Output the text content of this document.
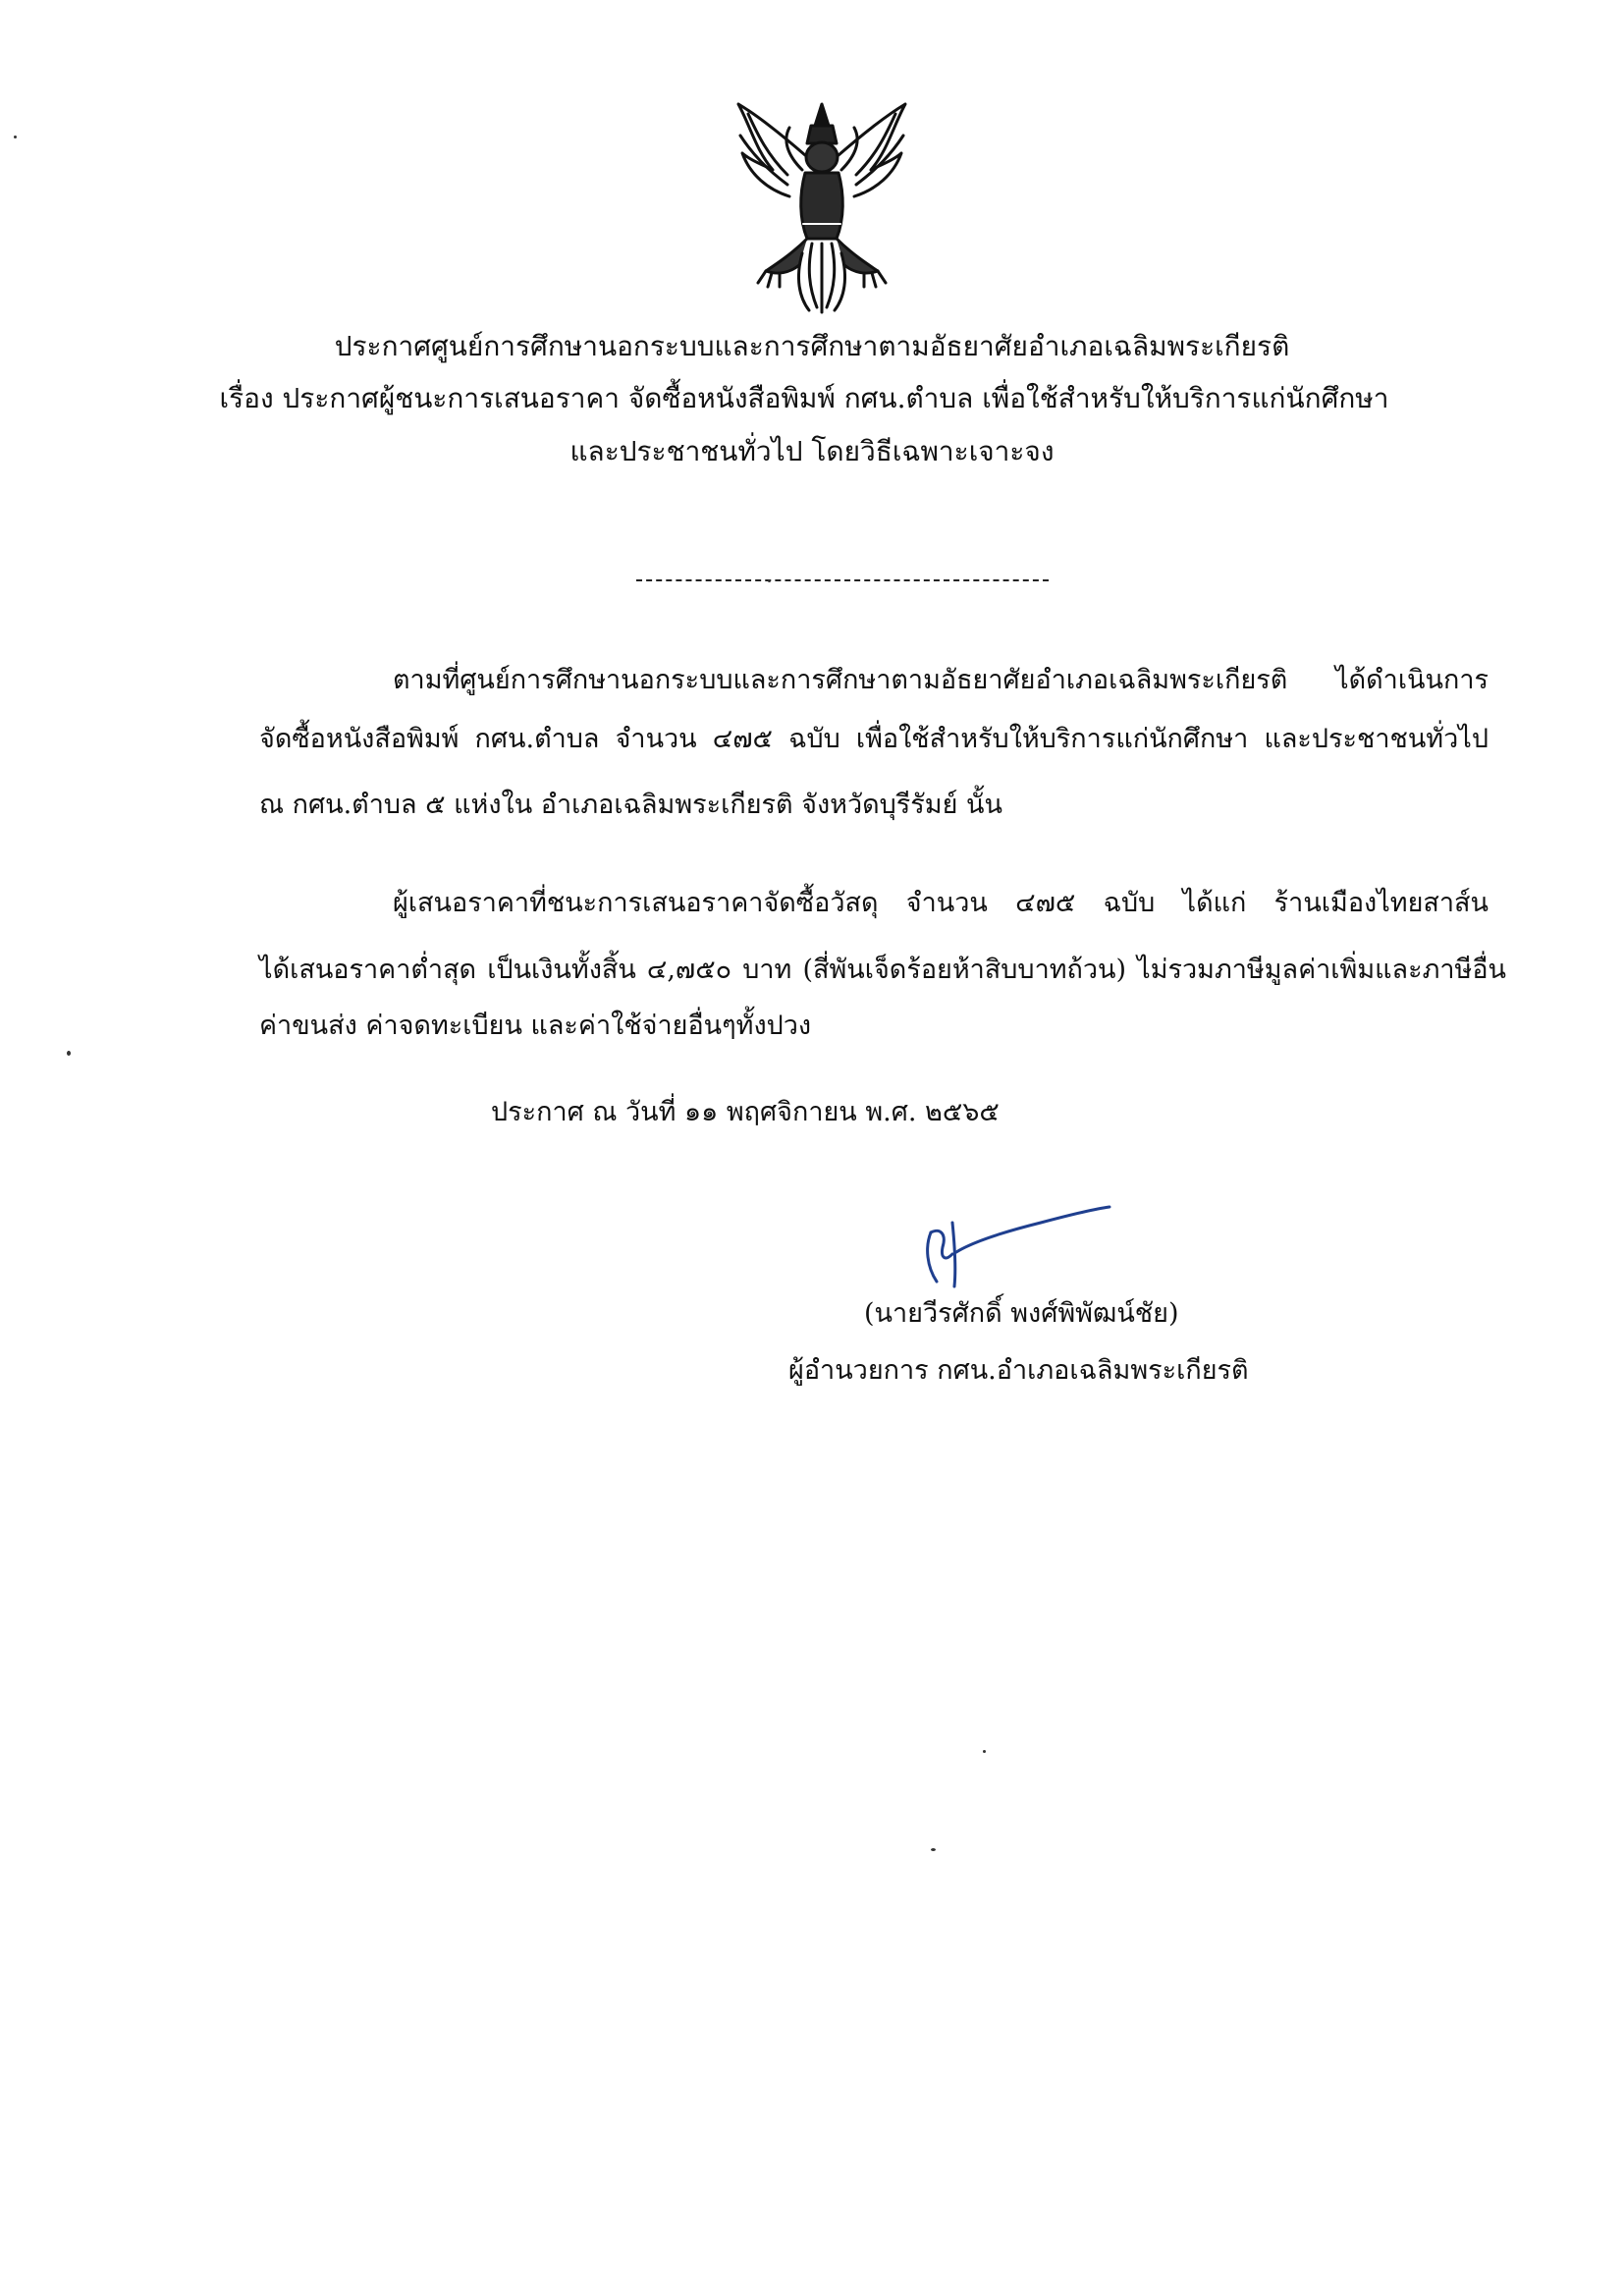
ประกาศศูนย์การศึกษานอกระบบและการศึกษาตามอัธยาศัยอำเภอเฉลิมพระเกียรติ
เรื่อง ประกาศผู้ชนะการเสนอราคา จัดซื้อหนังสือพิมพ์ กศน.ตำบล เพื่อใช้สำหรับให้บริการแก่นักศึกษา
และประชาชนทั่วไป โดยวิธีเฉพาะเจาะจง
ตามที่ศูนย์การศึกษานอกระบบและการศึกษาตามอัธยาศัยอำเภอเฉลิมพระเกียรติ ได้ดำเนินการ
จัดซื้อหนังสือพิมพ์ กศน.ตำบล จำนวน ๔๗๕ ฉบับ เพื่อใช้สำหรับให้บริการแก่นักศึกษา และประชาชนทั่วไป
ณ กศน.ตำบล ๕ แห่งใน อำเภอเฉลิมพระเกียรติ จังหวัดบุรีรัมย์ นั้น
ผู้เสนอราคาที่ชนะการเสนอราคาจัดซื้อวัสดุ จำนวน ๔๗๕ ฉบับ ได้แก่ ร้านเมืองไทยสาส์น
ได้เสนอราคาต่ำสุด เป็นเงินทั้งสิ้น ๔,๗๕๐ บาท (สี่พันเจ็ดร้อยห้าสิบบาทถ้วน) ไม่รวมภาษีมูลค่าเพิ่มและภาษีอื่น
ค่าขนส่ง ค่าจดทะเบียน และค่าใช้จ่ายอื่นๆทั้งปวง
ประกาศ ณ วันที่ ๑๑ พฤศจิกายน พ.ศ. ๒๕๖๕
(นายวีรศักดิ์ พงศ์พิพัฒน์ชัย)
ผู้อำนวยการ กศน.อำเภอเฉลิมพระเกียรติ
